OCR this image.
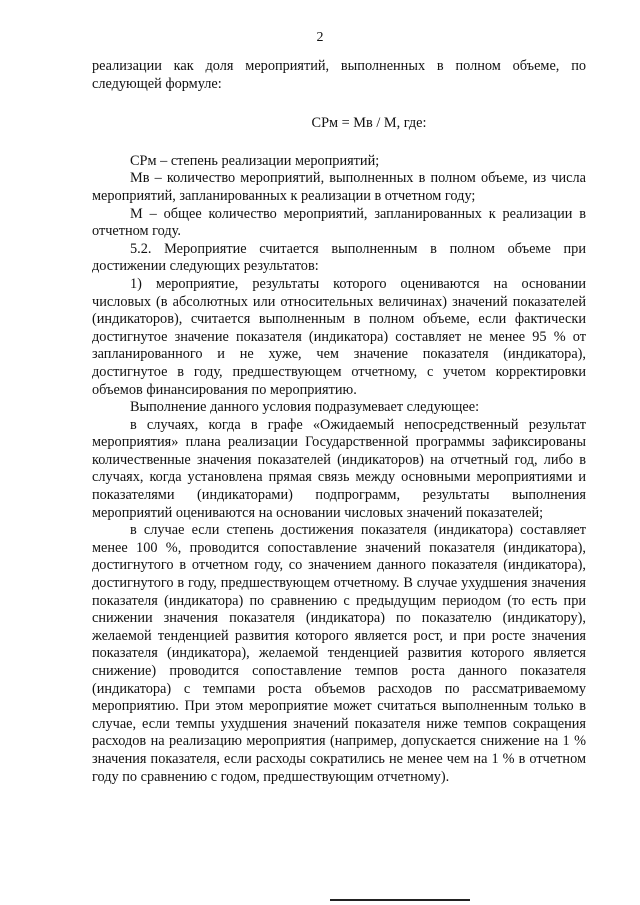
2

реализации как доля мероприятий, выполненных в полном объеме, по следующей формуле:

СРм = Мв / М, где:

СРм – степень реализации мероприятий;

Мв – количество мероприятий, выполненных в полном объеме, из числа мероприятий, запланированных к реализации в отчетном году;

М – общее количество мероприятий, запланированных к реализации в отчетном году.

5.2. Мероприятие считается выполненным в полном объеме при достижении следующих результатов:

1) мероприятие, результаты которого оцениваются на основании числовых (в абсолютных или относительных величинах) значений показателей (индикаторов), считается выполненным в полном объеме, если фактически достигнутое значение показателя (индикатора) составляет не менее 95 % от запланированного и не хуже, чем значение показателя (индикатора), достигнутое в году, предшествующем отчетному, с учетом корректировки объемов финансирования по мероприятию.

Выполнение данного условия подразумевает следующее:

в случаях, когда в графе «Ожидаемый непосредственный результат мероприятия» плана реализации Государственной программы зафиксированы количественные значения показателей (индикаторов) на отчетный год, либо в случаях, когда установлена прямая связь между основными мероприятиями и показателями (индикаторами) подпрограмм, результаты выполнения мероприятий оцениваются на основании числовых значений показателей;

в случае если степень достижения показателя (индикатора) составляет менее 100 %, проводится сопоставление значений показателя (индикатора), достигнутого в отчетном году, со значением данного показателя (индикатора), достигнутого в году, предшествующем отчетному. В случае ухудшения значения показателя (индикатора) по сравнению с предыдущим периодом (то есть при снижении значения показателя (индикатора) по показателю (индикатору), желаемой тенденцией развития которого является рост, и при росте значения показателя (индикатора), желаемой тенденцией развития которого является снижение) проводится сопоставление темпов роста данного показателя (индикатора) с темпами роста объемов расходов по рассматриваемому мероприятию. При этом мероприятие может считаться выполненным только в случае, если темпы ухудшения значений показателя ниже темпов сокращения расходов на реализацию мероприятия (например, допускается снижение на 1 % значения показателя, если расходы сократились не менее чем на 1 % в отчетном году по сравнению с годом, предшествующим отчетному).
